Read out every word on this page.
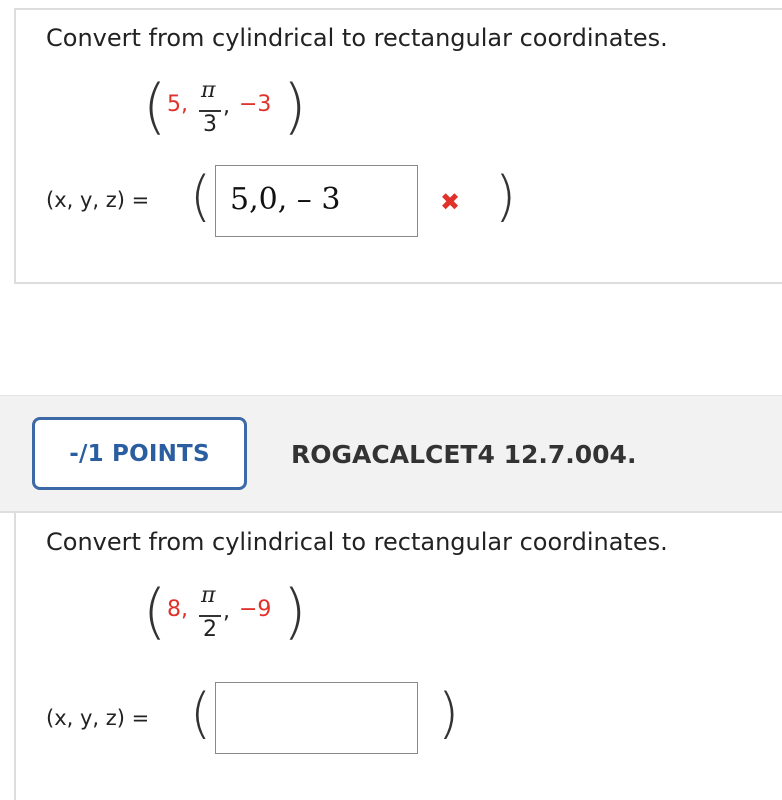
Convert from cylindrical to rectangular coordinates.
( 5,
π
3
, −3 )
(x, y, z) = ( 5,0, – 3	✖ )
-/1 POINTS	ROGACALCET4 12.7.004.
Convert from cylindrical to rectangular coordinates.
( 8,
π
2
, −9 )
(x, y, z) = (	)
